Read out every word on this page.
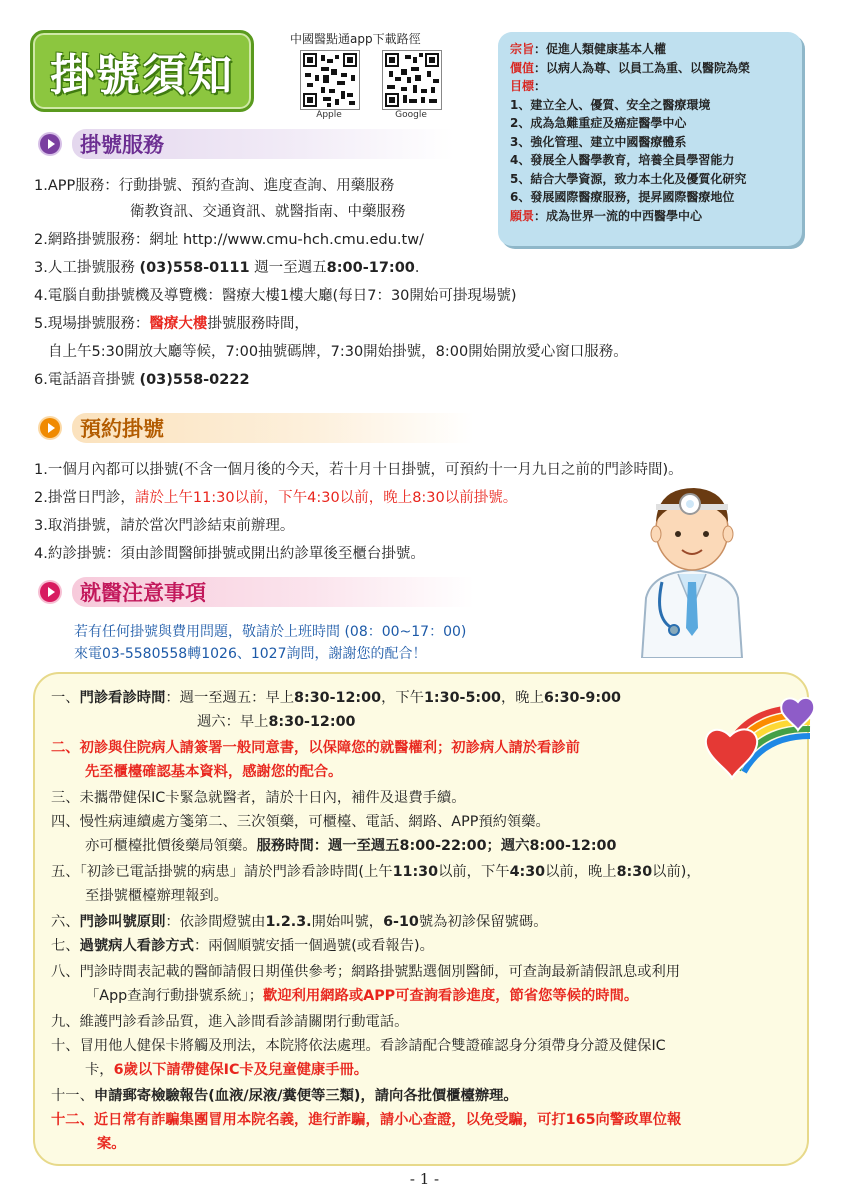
掛號須知
中國醫點通app下載路徑
Apple	Google
宗旨：促進人類健康基本人權
價值：以病人為尊、以員工為重、以醫院為榮
目標：
1、建立全人、優質、安全之醫療環境
2、成為急難重症及癌症醫學中心
3、強化管理、建立中國醫療體系
4、發展全人醫學教育，培養全員學習能力
5、結合大學資源，致力本土化及優質化研究
6、發展國際醫療服務，提昇國際醫療地位
願景：成為世界一流的中西醫學中心
掛號服務
1.APP服務：行動掛號、預約查詢、進度查詢、用藥服務
衛教資訊、交通資訊、就醫指南、中藥服務
2.網路掛號服務：網址 http://www.cmu-hch.cmu.edu.tw/
3.人工掛號服務 (03)558-0111 週一至週五8:00-17:00．
4.電腦自動掛號機及導覽機：醫療大樓1樓大廳(每日7：30開始可掛現場號)
5.現場掛號服務：醫療大樓掛號服務時間，
自上午5:30開放大廳等候，7:00抽號碼牌，7:30開始掛號，8:00開始開放愛心窗口服務。
6.電話語音掛號 (03)558-0222
預約掛號
1.一個月內都可以掛號(不含一個月後的今天，若十月十日掛號，可預約十一月九日之前的門診時間)。
2.掛當日門診，請於上午11:30以前，下午4:30以前，晚上8:30以前掛號。
3.取消掛號，請於當次門診結束前辦理。
4.約診掛號：須由診間醫師掛號或開出約診單後至櫃台掛號。
就醫注意事項
若有任何掛號與費用問題，敬請於上班時間 (08：00~17：00)
來電03-5580558轉1026、1027詢問，謝謝您的配合！
一、門診看診時間：週一至週五：早上8:30-12:00，下午1:30-5:00，晚上6:30-9:00
週六：早上8:30-12:00
二、初診與住院病人請簽署一般同意書，以保障您的就醫權利；初診病人請於看診前
先至櫃檯確認基本資料，感謝您的配合。
三、未攜帶健保IC卡緊急就醫者，請於十日內，補件及退費手續。
四、慢性病連續處方箋第二、三次領藥，可櫃檯、電話、網路、APP預約領藥。
亦可櫃檯批價後藥局領藥。服務時間：週一至週五8:00-22:00；週六8:00-12:00
五、「初診已電話掛號的病患」請於門診看診時間(上午11:30以前，下午4:30以前，晚上8:30以前)，
至掛號櫃檯辦理報到。
六、門診叫號原則：依診間燈號由1.2.3.開始叫號，6-10號為初診保留號碼。
七、過號病人看診方式：兩個順號安插一個過號(或看報告)。
八、門診時間表記載的醫師請假日期僅供參考；網路掛號點選個別醫師，可查詢最新請假訊息或利用
「App查詢行動掛號系統」；歡迎利用網路或APP可查詢看診進度，節省您等候的時間。
九、維護門診看診品質，進入診間看診請關閉行動電話。
十、冒用他人健保卡將觸及刑法，本院將依法處理。看診請配合雙證確認身分須帶身分證及健保IC
卡，6歲以下請帶健保IC卡及兒童健康手冊。
十一、申請郵寄檢驗報告(血液/尿液/糞便等三類)，請向各批價櫃檯辦理。
十二、近日常有詐騙集團冒用本院名義，進行詐騙，請小心查證，以免受騙，可打165向警政單位報
案。
- 1 -
